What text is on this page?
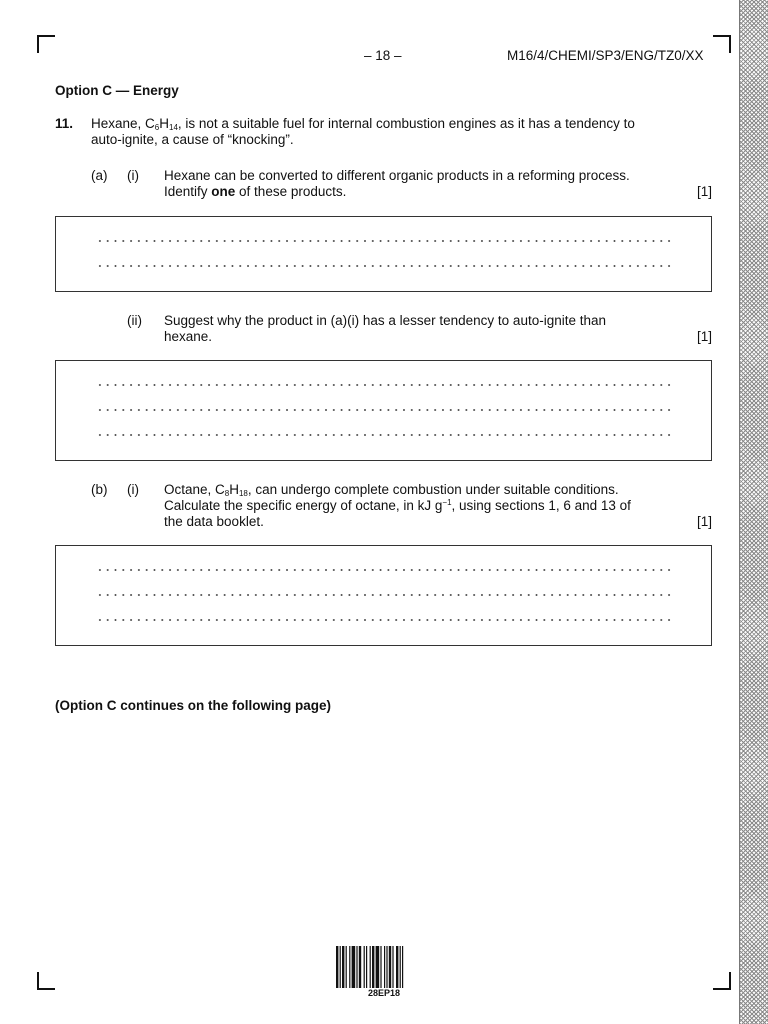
– 18 –	M16/4/CHEMI/SP3/ENG/TZ0/XX
Option C — Energy
11. Hexane, $C_6H_{14}$, is not a suitable fuel for internal combustion engines as it has a tendency to
auto-ignite, a cause of “knocking”.
(a) (i) Hexane can be converted to different organic products in a reforming process.
Identify one of these products.	[1]
(ii) Suggest why the product in (a)(i) has a lesser tendency to auto-ignite than
hexane.	[1]
(b) (i) Octane, $C_8H_{18}$, can undergo complete combustion under suitable conditions.
Calculate the specific energy of octane, in kJ $g^{-1}$, using sections 1, 6 and 13 of
the data booklet.	[1]
(Option C continues on the following page)
28EP18
